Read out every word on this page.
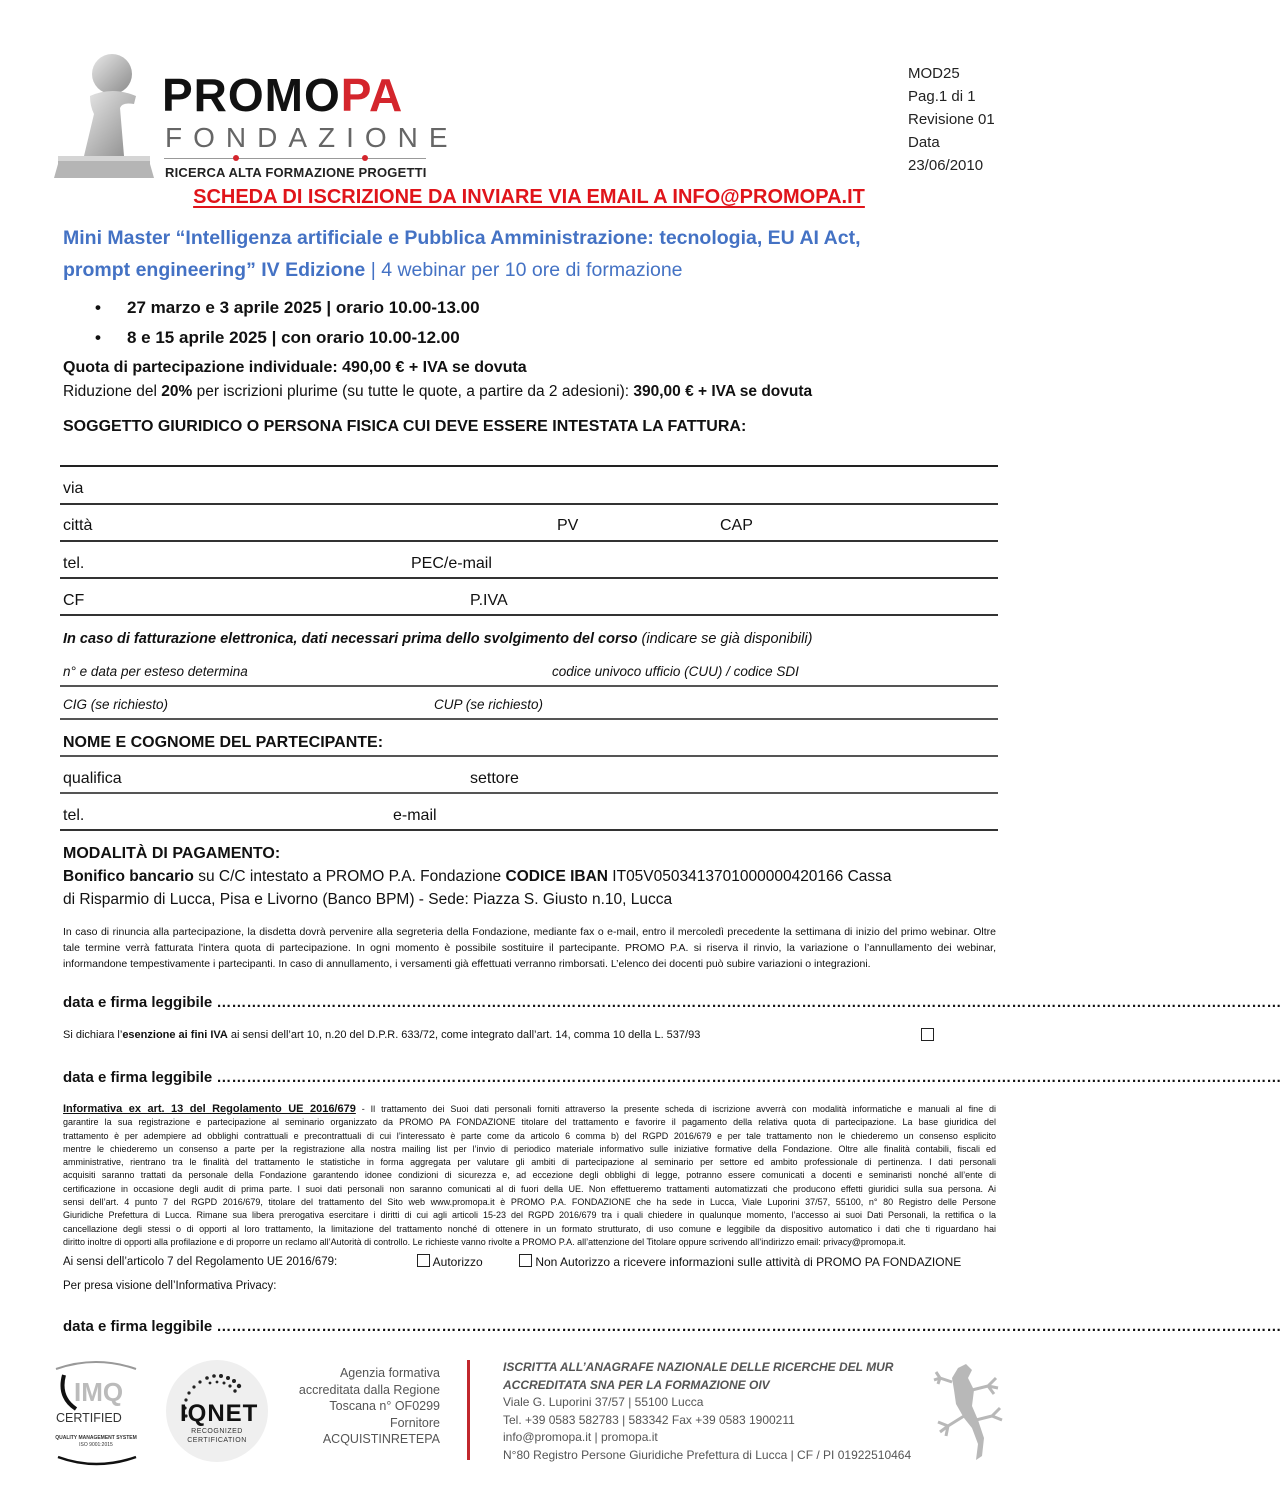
PROMOPA
FONDAZIONE
RICERCA ALTA FORMAZIONE PROGETTI
MOD25
Pag.1 di 1
Revisione 01
Data
23/06/2010
SCHEDA DI ISCRIZIONE DA INVIARE VIA EMAIL A INFO@PROMOPA.IT
Mini Master “Intelligenza artificiale e Pubblica Amministrazione: tecnologia, EU AI Act,
prompt engineering” IV Edizione | 4 webinar per 10 ore di formazione
• 27 marzo e 3 aprile 2025 | orario 10.00-13.00
• 8 e 15 aprile 2025 | con orario 10.00-12.00
Quota di partecipazione individuale: 490,00 € + IVA se dovuta
Riduzione del 20% per iscrizioni plurime (su tutte le quote, a partire da 2 adesioni): 390,00 € + IVA se dovuta
SOGGETTO GIURIDICO O PERSONA FISICA CUI DEVE ESSERE INTESTATA LA FATTURA:
via
città	PV	CAP
tel.	PEC/e-mail
CF	P.IVA
In caso di fatturazione elettronica, dati necessari prima dello svolgimento del corso (indicare se già disponibili)
n° e data per esteso determina	codice univoco ufficio (CUU) / codice SDI
CIG (se richiesto)	CUP (se richiesto)
NOME E COGNOME DEL PARTECIPANTE:
qualifica	settore
tel.	e-mail
MODALITÀ DI PAGAMENTO:
Bonifico bancario su C/C intestato a PROMO P.A. Fondazione CODICE IBAN IT05V0503413701000000420166 Cassa
di Risparmio di Lucca, Pisa e Livorno (Banco BPM) - Sede: Piazza S. Giusto n.10, Lucca
In caso di rinuncia alla partecipazione, la disdetta dovrà pervenire alla segreteria della Fondazione, mediante fax o e-mail, entro il mercoledì precedente la settimana di inizio del primo webinar. Oltre tale termine verrà fatturata l'intera quota di partecipazione. In ogni momento è possibile sostituire il partecipante. PROMO P.A. si riserva il rinvio, la variazione o l’annullamento dei webinar, informandone tempestivamente i partecipanti. In caso di annullamento, i versamenti già effettuati verranno rimborsati. L’elenco dei docenti può subire variazioni o integrazioni.
data e firma leggibile ……………………………………………………………………………………………………………………………………………………………………………………………
Si dichiara l’esenzione ai fini IVA ai sensi dell’art 10, n.20 del D.P.R. 633/72, come integrato dall’art. 14, comma 10 della L. 537/93
data e firma leggibile ……………………………………………………………………………………………………………………………………………………………………………………………
Informativa ex art. 13 del Regolamento UE 2016/679 - Il trattamento dei Suoi dati personali forniti attraverso la presente scheda di iscrizione avverrà con modalità informatiche e manuali al fine di
garantire la sua registrazione e partecipazione al seminario organizzato da PROMO PA FONDAZIONE titolare del trattamento e favorire il pagamento della relativa quota di partecipazione. La base giuridica del
trattamento è per adempiere ad obblighi contrattuali e precontrattuali di cui l’interessato è parte come da articolo 6 comma b) del RGPD 2016/679 e per tale trattamento non le chiederemo un consenso esplicito
mentre le chiederemo un consenso a parte per la registrazione alla nostra mailing list per l’invio di periodico materiale informativo sulle iniziative formative della Fondazione. Oltre alle finalità contabili, fiscali ed
amministrative, rientrano tra le finalità del trattamento le statistiche in forma aggregata per valutare gli ambiti di partecipazione al seminario per settore ed ambito professionale di pertinenza. I dati personali
acquisiti saranno trattati da personale della Fondazione garantendo idonee condizioni di sicurezza e, ad eccezione degli obblighi di legge, potranno essere comunicati a docenti e seminaristi nonché all’ente di
certificazione in occasione degli audit di prima parte. I suoi dati personali non saranno comunicati al di fuori della UE. Non effettueremo trattamenti automatizzati che producono effetti giuridici sulla sua persona. Ai
sensi dell’art. 4 punto 7 del RGPD 2016/679, titolare del trattamento del Sito web www.promopa.it è PROMO P.A. FONDAZIONE che ha sede in Lucca, Viale Luporini 37/57, 55100, n° 80 Registro delle Persone
Giuridiche Prefettura di Lucca. Rimane sua libera prerogativa esercitare i diritti di cui agli articoli 15-23 del RGPD 2016/679 tra i quali chiedere in qualunque momento, l’accesso ai suoi Dati Personali, la rettifica o la
cancellazione degli stessi o di opporti al loro trattamento, la limitazione del trattamento nonché di ottenere in un formato strutturato, di uso comune e leggibile da dispositivo automatico i dati che ti riguardano hai
diritto inoltre di opporti alla profilazione e di proporre un reclamo all’Autorità di controllo. Le richieste vanno rivolte a PROMO P.A. all’attenzione del Titolare oppure scrivendo all’indirizzo email: privacy@promopa.it.
Ai sensi dell’articolo 7 del Regolamento UE 2016/679:	Autorizzo	Non Autorizzo a ricevere informazioni sulle attività di PROMO PA FONDAZIONE
Per presa visione dell’Informativa Privacy:
data e firma leggibile ……………………………………………………………………………………………………………………………………………………………………………………………
IMQ
CERTIFIED
QUALITY MANAGEMENT SYSTEM
ISO 9001:2015
IQNET
RECOGNIZED
CERTIFICATION
Agenzia formativa
accreditata dalla Regione
Toscana n° OF0299
Fornitore
ACQUISTINRETEPA
ISCRITTA ALL’ANAGRAFE NAZIONALE DELLE RICERCHE DEL MUR
ACCREDITATA SNA PER LA FORMAZIONE OIV
Viale G. Luporini 37/57 | 55100 Lucca
Tel. +39 0583 582783 | 583342 Fax +39 0583 1900211
info@promopa.it | promopa.it
N°80 Registro Persone Giuridiche Prefettura di Lucca | CF / PI 01922510464
